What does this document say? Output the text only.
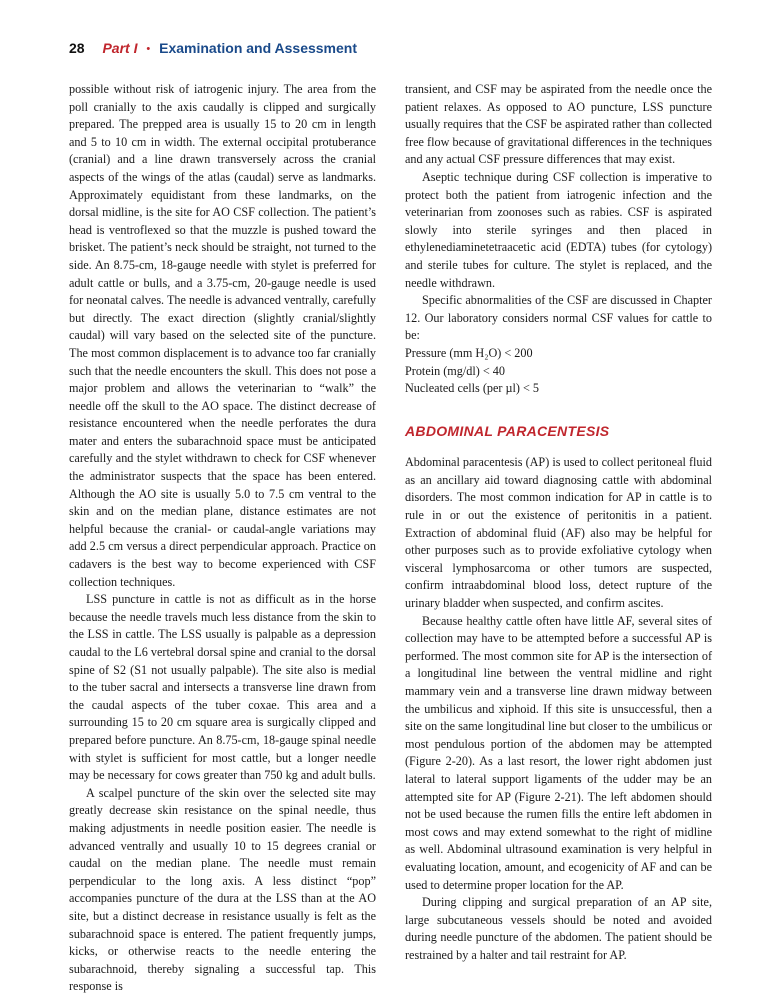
28 Part I • Examination and Assessment

possible without risk of iatrogenic injury. The area from the poll cranially to the axis caudally is clipped and surgically prepared. The prepped area is usually 15 to 20 cm in length and 5 to 10 cm in width. The external occipital protuberance (cranial) and a line drawn transversely across the cranial aspects of the wings of the atlas (caudal) serve as landmarks. Approximately equidistant from these landmarks, on the dorsal midline, is the site for AO CSF collection. The patient’s head is ventroflexed so that the muzzle is pushed toward the brisket. The patient’s neck should be straight, not turned to the side. An 8.75-cm, 18-gauge needle with stylet is preferred for adult cattle or bulls, and a 3.75-cm, 20-gauge needle is used for neonatal calves. The needle is advanced ventrally, carefully but directly. The exact direction (slightly cranial/slightly caudal) will vary based on the selected site of the puncture. The most common displacement is to advance too far cranially such that the needle encounters the skull. This does not pose a major problem and allows the veterinarian to “walk” the needle off the skull to the AO space. The distinct decrease of resistance encountered when the needle perforates the dura mater and enters the subarachnoid space must be anticipated carefully and the stylet withdrawn to check for CSF whenever the administrator suspects that the space has been entered. Although the AO site is usually 5.0 to 7.5 cm ventral to the skin and on the median plane, distance estimates are not helpful because the cranial- or caudal-angle variations may add 2.5 cm versus a direct perpendicular approach. Practice on cadavers is the best way to become experienced with CSF collection techniques.

LSS puncture in cattle is not as difficult as in the horse because the needle travels much less distance from the skin to the LSS in cattle. The LSS usually is palpable as a depression caudal to the L6 vertebral dorsal spine and cranial to the dorsal spine of S2 (S1 not usually palpable). The site also is medial to the tuber sacral and intersects a transverse line drawn from the caudal aspects of the tuber coxae. This area and a surrounding 15 to 20 cm square area is surgically clipped and prepared before puncture. An 8.75-cm, 18-gauge spinal needle with stylet is sufficient for most cattle, but a longer needle may be necessary for cows greater than 750 kg and adult bulls.

A scalpel puncture of the skin over the selected site may greatly decrease skin resistance on the spinal needle, thus making adjustments in needle position easier. The needle is advanced ventrally and usually 10 to 15 degrees cranial or caudal on the median plane. The needle must remain perpendicular to the long axis. A less distinct “pop” accompanies puncture of the dura at the LSS than at the AO site, but a distinct decrease in resistance usually is felt as the subarachnoid space is entered. The patient frequently jumps, kicks, or otherwise reacts to the needle entering the subarachnoid, thereby signaling a successful tap. This response is

transient, and CSF may be aspirated from the needle once the patient relaxes. As opposed to AO puncture, LSS puncture usually requires that the CSF be aspirated rather than collected free flow because of gravitational differences in the techniques and any actual CSF pressure differences that may exist.

Aseptic technique during CSF collection is imperative to protect both the patient from iatrogenic infection and the veterinarian from zoonoses such as rabies. CSF is aspirated slowly into sterile syringes and then placed in ethylenediaminetetraacetic acid (EDTA) tubes (for cytology) and sterile tubes for culture. The stylet is replaced, and the needle withdrawn.

Specific abnormalities of the CSF are discussed in Chapter 12. Our laboratory considers normal CSF values for cattle to be:

Pressure (mm H₂O) < 200
Protein (mg/dl) < 40
Nucleated cells (per µl) < 5
ABDOMINAL PARACENTESIS

Abdominal paracentesis (AP) is used to collect peritoneal fluid as an ancillary aid toward diagnosing cattle with abdominal disorders. The most common indication for AP in cattle is to rule in or out the existence of peritonitis in a patient. Extraction of abdominal fluid (AF) also may be helpful for other purposes such as to provide exfoliative cytology when visceral lymphosarcoma or other tumors are suspected, confirm intraabdominal blood loss, detect rupture of the urinary bladder when suspected, and confirm ascites.

Because healthy cattle often have little AF, several sites of collection may have to be attempted before a successful AP is performed. The most common site for AP is the intersection of a longitudinal line between the ventral midline and right mammary vein and a transverse line drawn midway between the umbilicus and xiphoid. If this site is unsuccessful, then a site on the same longitudinal line but closer to the umbilicus or most pendulous portion of the abdomen may be attempted (Figure 2-20). As a last resort, the lower right abdomen just lateral to lateral support ligaments of the udder may be an attempted site for AP (Figure 2-21). The left abdomen should not be used because the rumen fills the entire left abdomen in most cows and may extend somewhat to the right of midline as well. Abdominal ultrasound examination is very helpful in evaluating location, amount, and ecogenicity of AF and can be used to determine proper location for the AP.

During clipping and surgical preparation of an AP site, large subcutaneous vessels should be noted and avoided during needle puncture of the abdomen. The patient should be restrained by a halter and tail restraint for AP.
